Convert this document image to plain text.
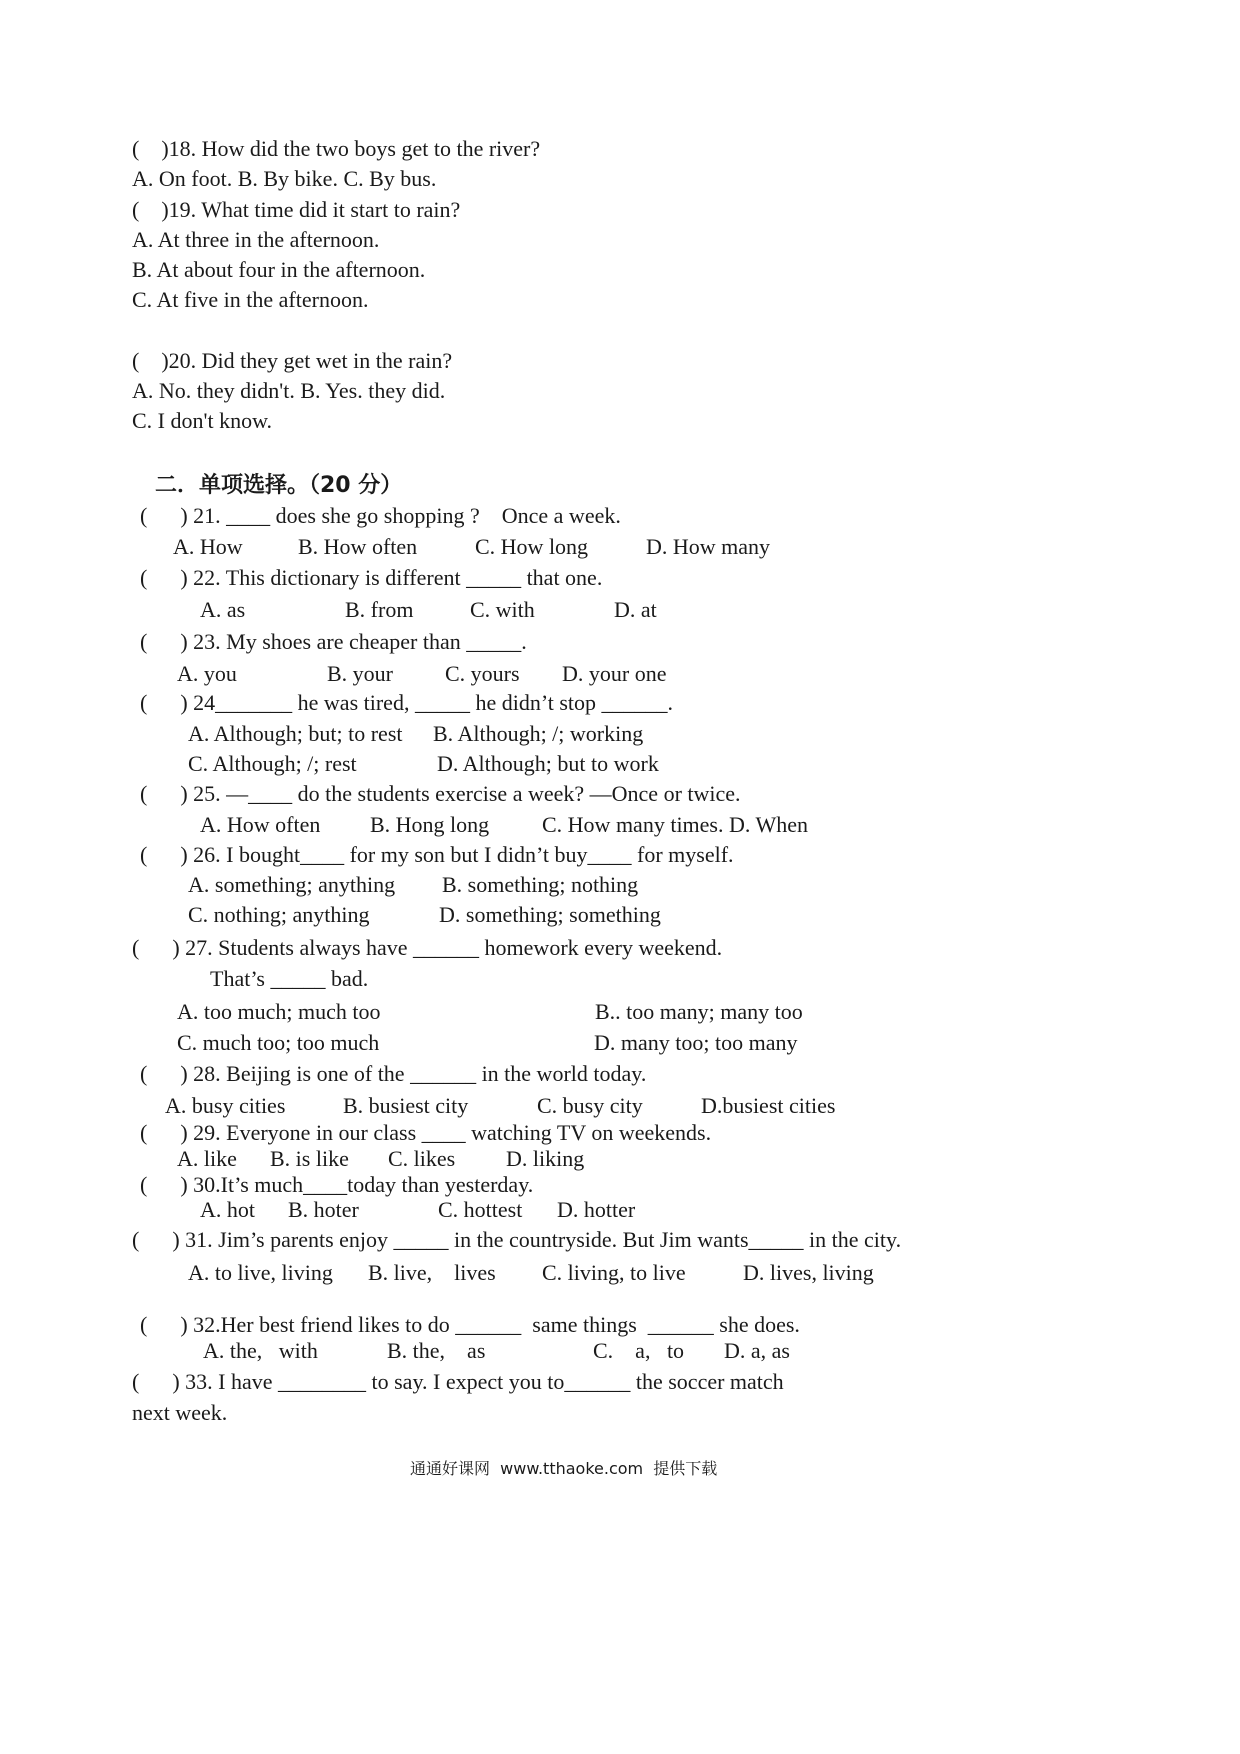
(    )18. How did the two boys get to the river?
A. On foot. B. By bike. C. By bus.
(    )19. What time did it start to rain?
A. At three in the afternoon.
B. At about four in the afternoon.
C. At five in the afternoon.
(    )20. Did they get wet in the rain?
A. No. they didn't. B. Yes. they did.
C. I don't know.
二．单项选择。（20 分）
(      ) 21. ____ does she go shopping ?    Once a week.
A. How	B. How often	C. How long	D. How many
(      ) 22. This dictionary is different _____ that one.
A. as	B. from	C. with	D. at
(      ) 23. My shoes are cheaper than _____.
A. you	B. your C. yours D. your one
(      ) 24_______ he was tired, _____ he didn’t stop ______.
A. Although; but; to rest B. Although; /; working
C. Although; /; rest	D. Although; but to work
(      ) 25. —____ do the students exercise a week? —Once or twice.
A. How often B. Hong long C. How many times. D. When
(      ) 26. I bought____ for my son but I didn’t buy____ for myself.
A. something; anything B. something; nothing
C. nothing; anything	D. something; something
(      ) 27. Students always have ______ homework every weekend.
That’s _____ bad.
A. too much; much too	B.. too many; many too
C. much too; too much	D. many too; too many
(      ) 28. Beijing is one of the ______ in the world today.
A. busy cities	B. busiest city	C. busy city	D.busiest cities
(      ) 29. Everyone in our class ____ watching TV on weekends.
A. like B. is like C. likes D. liking
(      ) 30.It’s much____today than yesterday.
A. hot B. hoter	C. hottest D. hotter
(      ) 31. Jim’s parents enjoy _____ in the countryside. But Jim wants_____ in the city.
A. to live, living B. live,    lives C. living, to live	D. lives, living
(      ) 32.Her best friend likes to do ______  same things  ______ she does.
A. the,   with	B. the,    as	C.    a,   to D. a, as
(      ) 33. I have ________ to say. I expect you to______ the soccer match
next week.
通通好课网  www.tthaoke.com  提供下载
